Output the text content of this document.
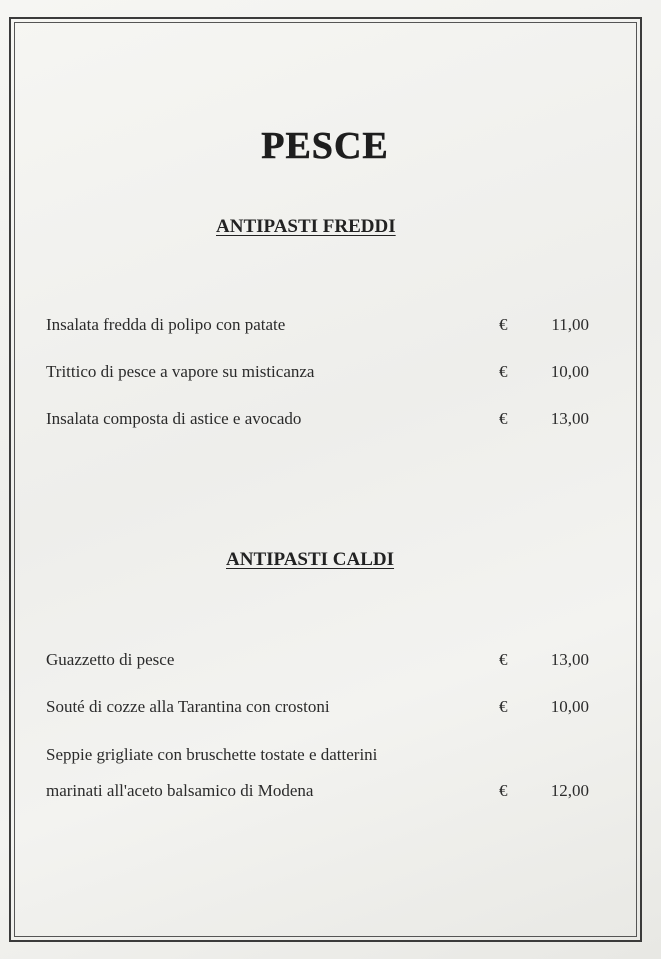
PESCE
ANTIPASTI FREDDI
Insalata fredda di polipo con patate	€	11,00
Trittico di pesce a vapore su misticanza	€	10,00
Insalata composta di astice e avocado	€	13,00
ANTIPASTI CALDI
Guazzetto di pesce	€	13,00
Souté di cozze alla Tarantina con crostoni	€	10,00
Seppie grigliate con bruschette tostate e datterini
marinati all'aceto balsamico di Modena	€	12,00
